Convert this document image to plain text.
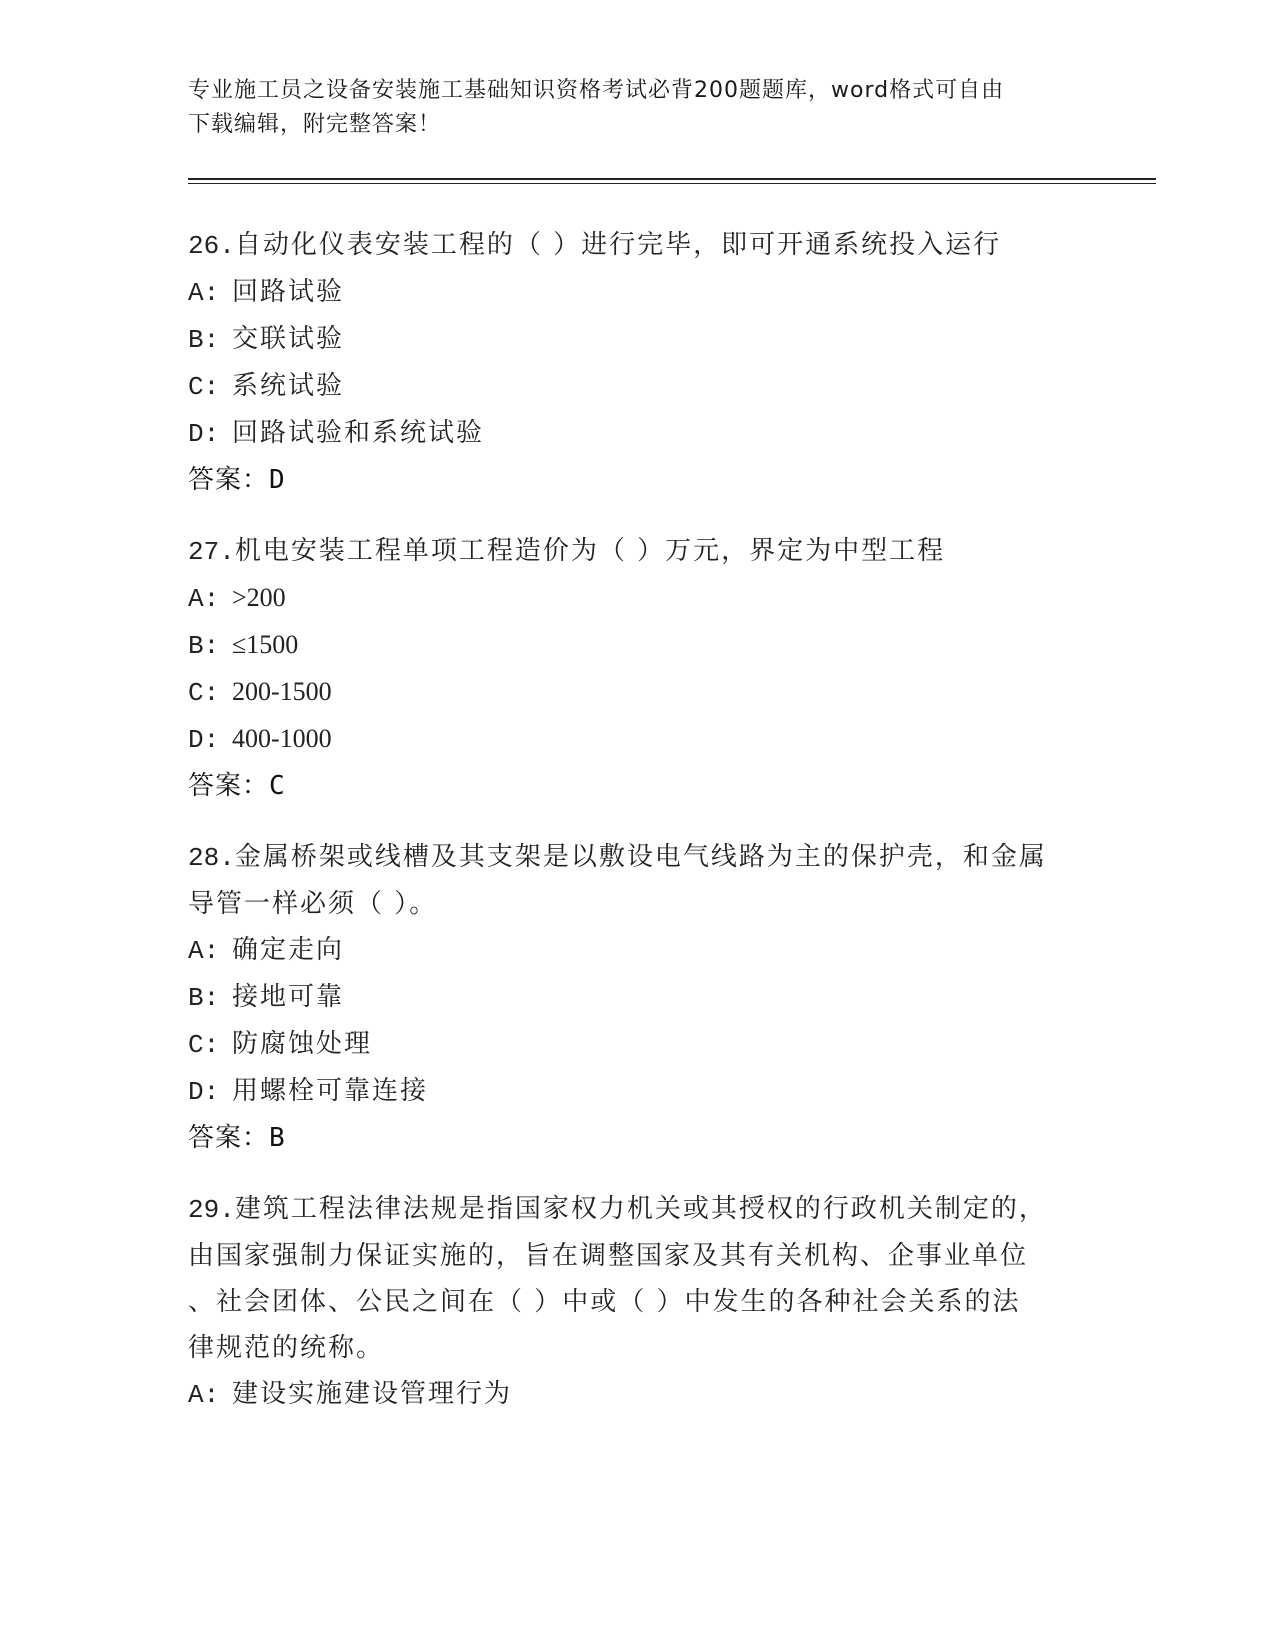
专业施工员之设备安装施工基础知识资格考试必背200题题库，word格式可自由
下载编辑，附完整答案！

26.自动化仪表安装工程的（ ）进行完毕，即可开通系统投入运行

A: 回路试验

B: 交联试验

C: 系统试验

D: 回路试验和系统试验

答案：D

27.机电安装工程单项工程造价为（ ）万元，界定为中型工程

A: >200

B: ≤1500

C: 200-1500

D: 400-1000

答案：C

28.金属桥架或线槽及其支架是以敷设电气线路为主的保护壳，和金属

导管一样必须（ ）。

A: 确定走向

B: 接地可靠

C: 防腐蚀处理

D: 用螺栓可靠连接

答案：B

29.建筑工程法律法规是指国家权力机关或其授权的行政机关制定的，

由国家强制力保证实施的，旨在调整国家及其有关机构、企事业单位

、社会团体、公民之间在（ ）中或（ ）中发生的各种社会关系的法

律规范的统称。

A: 建设实施建设管理行为
